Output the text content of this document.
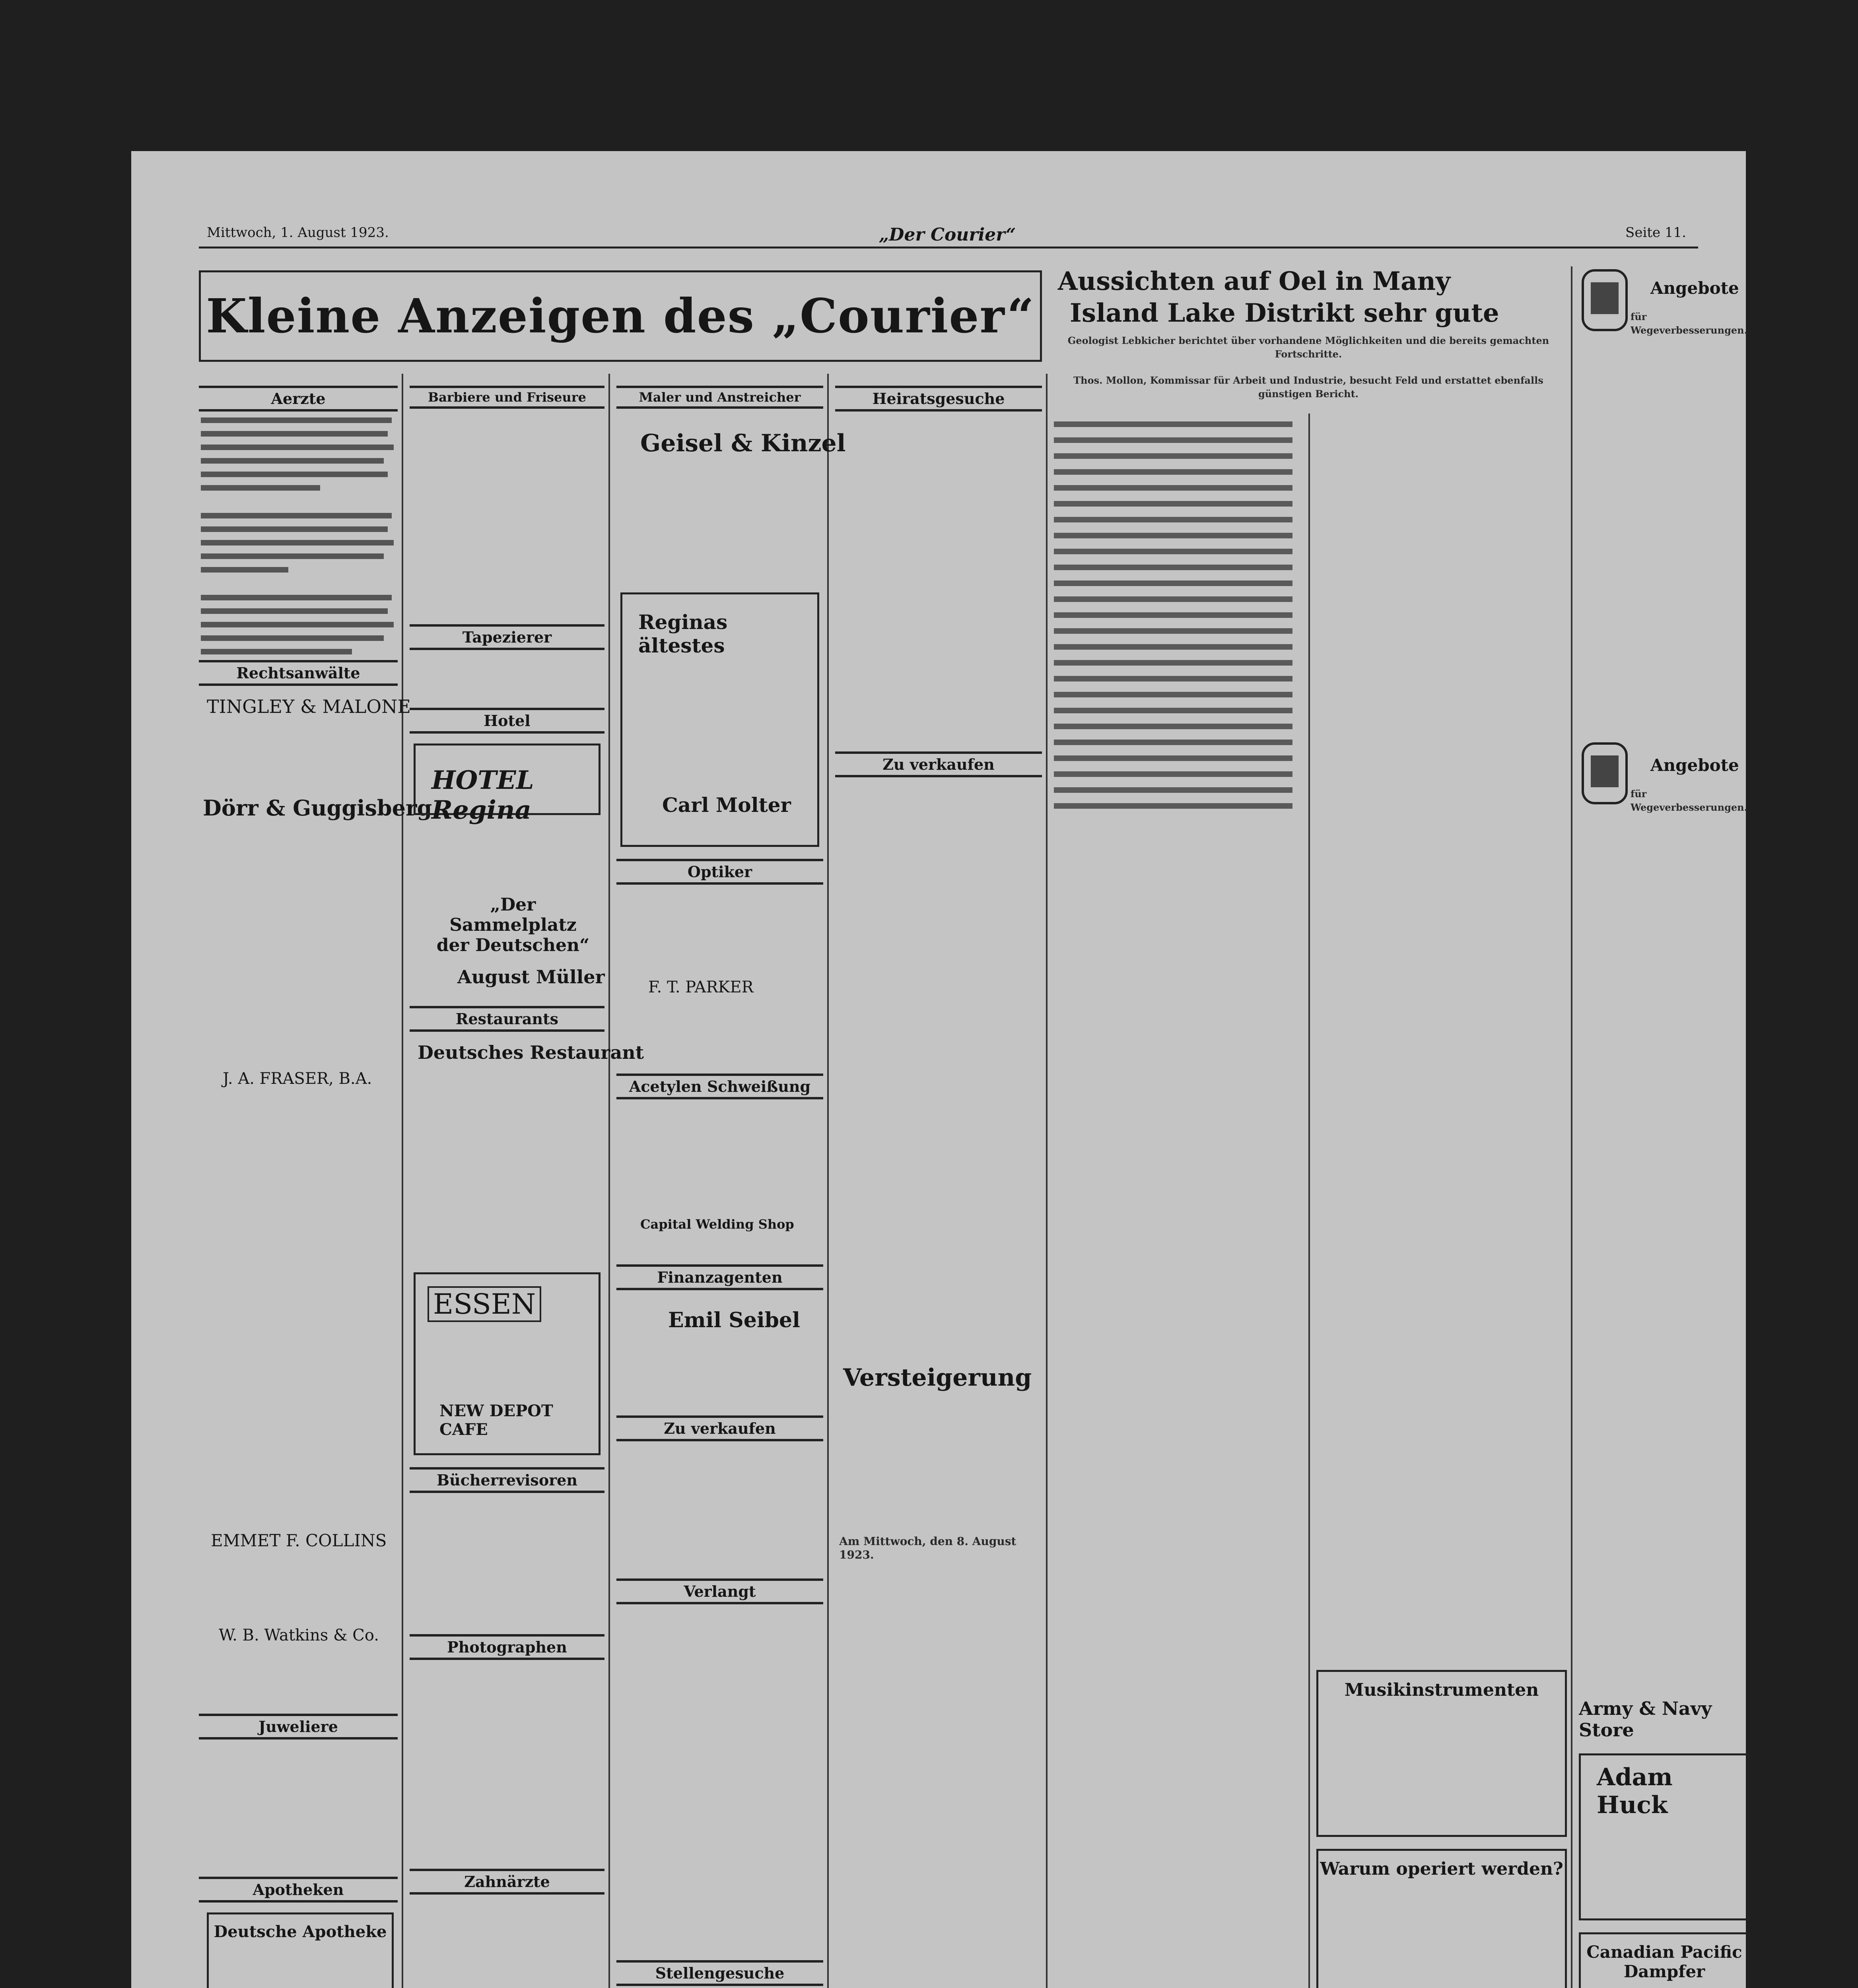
Mittwoch, 1. August 1923.	„Der Courier“	Seite 11.
Kleine Anzeigen des „Courier“
Aussichten auf Oel in Many
Island Lake Distrikt sehr gute
Geologist Lebkicher berichtet über vorhandene Möglichkeiten und die bereits gemachten Fortschritte.
Thos. Mollon, Kommissar für Arbeit und Industrie, besucht Feld und erstattet ebenfalls günstigen Bericht.
Aerzte
Rechtsanwälte
TINGLEY & MALONE
Dörr & Guggisberg
J. A. FRASER, B.A.
EMMET F. COLLINS
W. B. Watkins & Co.
Juweliere
Apotheken
Deutsche Apotheke
Barbiere und Friseure
Tapezierer
Hotel
HOTEL Regina
„Der Sammelplatz der Deutschen“
August Müller
Restaurants
Deutsches Restaurant
ESSEN
NEW DEPOT CAFE
Bücherrevisoren
Photographen
Zahnärzte
Maler und Anstreicher
Geisel & Kinzel
Reginas ältestes
Carl Molter
Optiker
F. T. PARKER
Acetylen Schweißung
Capital Welding Shop
Finanzagenten
Emil Seibel
Zu verkaufen
Verlangt
Stellengesuche
Heiratsgesuche
Zu verkaufen
Versteigerung
Am Mittwoch, den 8. August 1923.
Musikinstrumenten
Warum operiert werden?
Angebote
für Wegeverbesserungen.
Angebote
für Wegeverbesserungen.
Army & Navy Store
Adam Huck
Canadian Pacific Dampfer
